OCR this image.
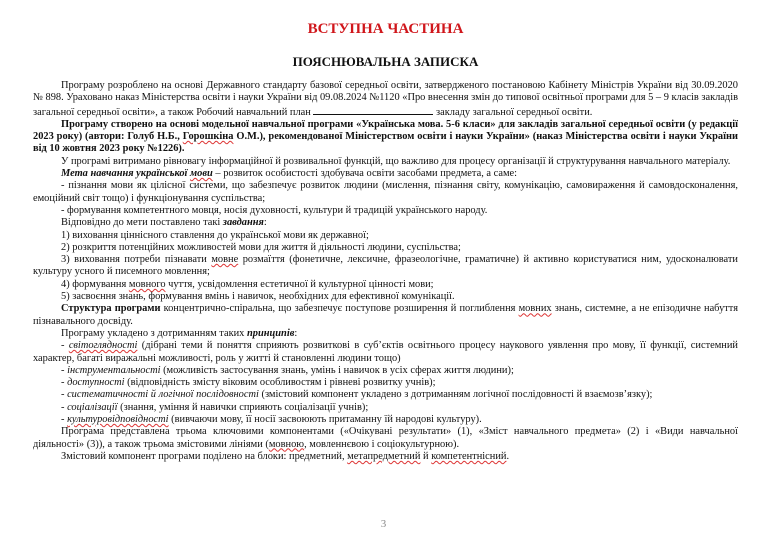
ВСТУПНА ЧАСТИНА
ПОЯСНЮВАЛЬНА ЗАПИСКА

Програму розроблено на основі Державного стандарту базової середньої освіти, затвердженого постановою Кабінету Міністрів України від 30.09.2020 № 898. Ураховано наказ Міністерства освіти і науки України від 09.08.2024 №1120 «Про внесення змін до типової освітньої програми для 5 – 9 класів закладів загальної середньої освіти», а також Робочий навчальний план	закладу загальної середньої освіти.

Програму створено на основі модельної навчальної програми «Українська мова. 5-6 класи» для закладів загальної середньої освіти (у редакції 2023 року) (автори: Голуб Н.Б., Горошкіна О.М.), рекомендованої Міністерством освіти і науки України» (наказ Міністерства освіти і науки України від 10 жовтня 2023 року №1226).

У програмі витримано рівновагу інформаційної й розвивальної функцій, що важливо для процесу організації й структурування навчального матеріалу.

Мета навчання української мови – розвиток особистості здобувача освіти засобами предмета, а саме:

- пізнання мови як цілісної системи, що забезпечує розвиток людини (мислення, пізнання світу, комунікацію, самовираження й самовдосконалення, емоційний світ тощо) і функціонування суспільства;

- формування компетентного мовця, носія духовності, культури й традицій українського народу.

Відповідно до мети поставлено такі завдання:

1) виховання ціннісного ставлення до української мови як державної;

2) розкриття потенційних можливостей мови для життя й діяльності людини, суспільства;

3) виховання потреби пізнавати мовне розмаїття (фонетичне, лексичне, фразеологічне, граматичне) й активно користуватися ним, удосконалювати культуру усного й писемного мовлення;

4) формування мовного чуття, усвідомлення естетичної й культурної цінності мови;

5) засвоєння знань, формування вмінь і навичок, необхідних для ефективної комунікації.

Структура програми концентрично-спіральна, що забезпечує поступове розширення й поглиблення мовних знань, системне, а не епізодичне набуття пізнавального досвіду.

Програму укладено з дотриманням таких принципів:

- світоглядності (дібрані теми й поняття сприяють розвиткові в суб’єктів освітнього процесу наукового уявлення про мову, її функції, системний характер, багаті виражальні можливості, роль у житті й становленні людини тощо)

- інструментальності (можливість застосування знань, умінь і навичок в усіх сферах життя людини);

- доступності (відповідність змісту віковим особливостям і рівневі розвитку учнів);

- систематичності й логічної послідовності (змістовий компонент укладено з дотриманням логічної послідовності й взаємозв’язку);

- соціалізації (знання, уміння й навички сприяють соціалізації учнів);

- культуровідповідності (вивчаючи мову, її носії засвоюють притаманну їй народові культуру).

Програма представлена трьома ключовими компонентами («Очікувані результати» (1), «Зміст навчального предмета» (2) і «Види навчальної діяльності» (3)), а також трьома змістовими лініями (мовною, мовленнєвою і соціокультурною).

Змістовий компонент програми поділено на блоки: предметний, метапредметний й компетентнісний.

3
